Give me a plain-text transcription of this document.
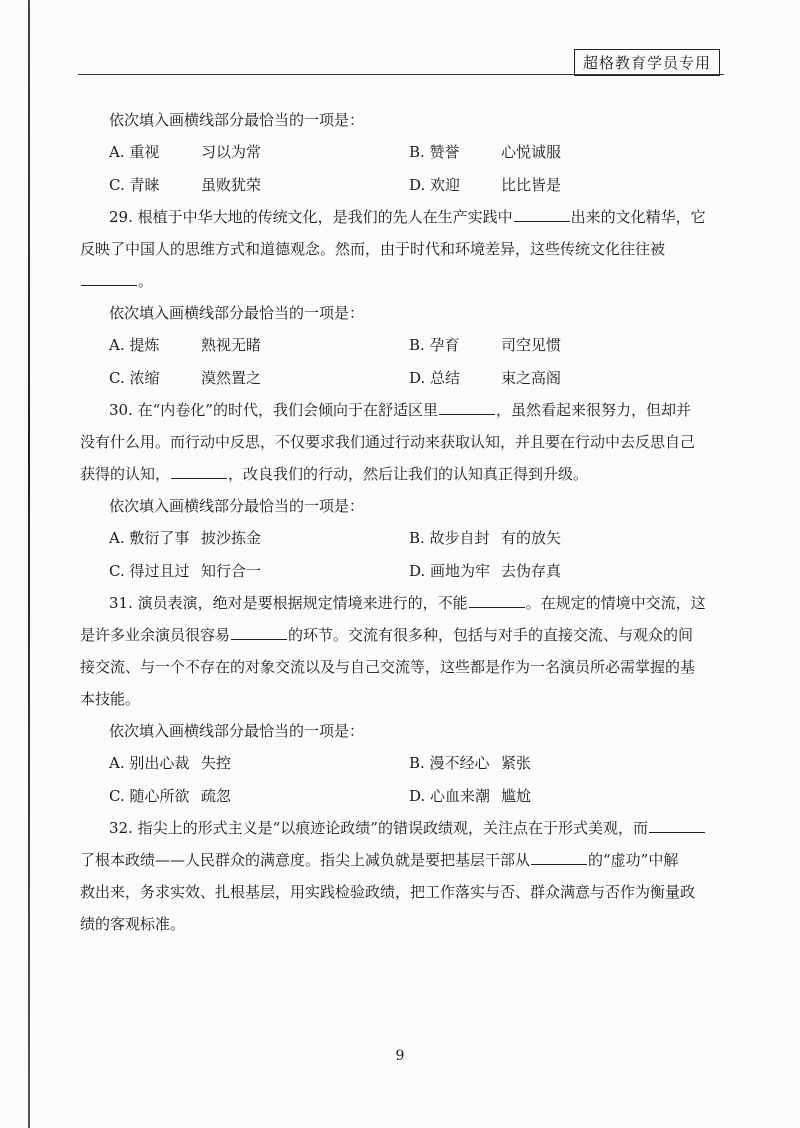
超格教育学员专用
依次填入画横线部分最恰当的一项是：
A. 重视	习以为常	B. 赞誉	心悦诚服
C. 青睐	虽败犹荣	D. 欢迎	比比皆是
29. 根植于中华大地的传统文化，是我们的先人在生产实践中	出来的文化精华，它
反映了中国人的思维方式和道德观念。然而，由于时代和环境差异，这些传统文化往往被
。
依次填入画横线部分最恰当的一项是：
A. 提炼	熟视无睹	B. 孕育	司空见惯
C. 浓缩	漠然置之	D. 总结	束之高阁
30. 在“内卷化”的时代，我们会倾向于在舒适区里	，虽然看起来很努力，但却并
没有什么用。而行动中反思，不仅要求我们通过行动来获取认知，并且要在行动中去反思自己
获得的认知，	，改良我们的行动，然后让我们的认知真正得到升级。
依次填入画横线部分最恰当的一项是：
A. 敷衍了事 披沙拣金	B. 故步自封 有的放矢
C. 得过且过 知行合一	D. 画地为牢 去伪存真
31. 演员表演，绝对是要根据规定情境来进行的，不能	。在规定的情境中交流，这
是许多业余演员很容易	的环节。交流有很多种，包括与对手的直接交流、与观众的间
接交流、与一个不存在的对象交流以及与自己交流等，这些都是作为一名演员所必需掌握的基
本技能。
依次填入画横线部分最恰当的一项是：
A. 别出心裁 失控	B. 漫不经心 紧张
C. 随心所欲 疏忽	D. 心血来潮 尴尬
32. 指尖上的形式主义是“以痕迹论政绩”的错误政绩观，关注点在于形式美观，而
了根本政绩——人民群众的满意度。指尖上减负就是要把基层干部从	的“虚功”中解
救出来，务求实效、扎根基层，用实践检验政绩，把工作落实与否、群众满意与否作为衡量政
绩的客观标准。
9
